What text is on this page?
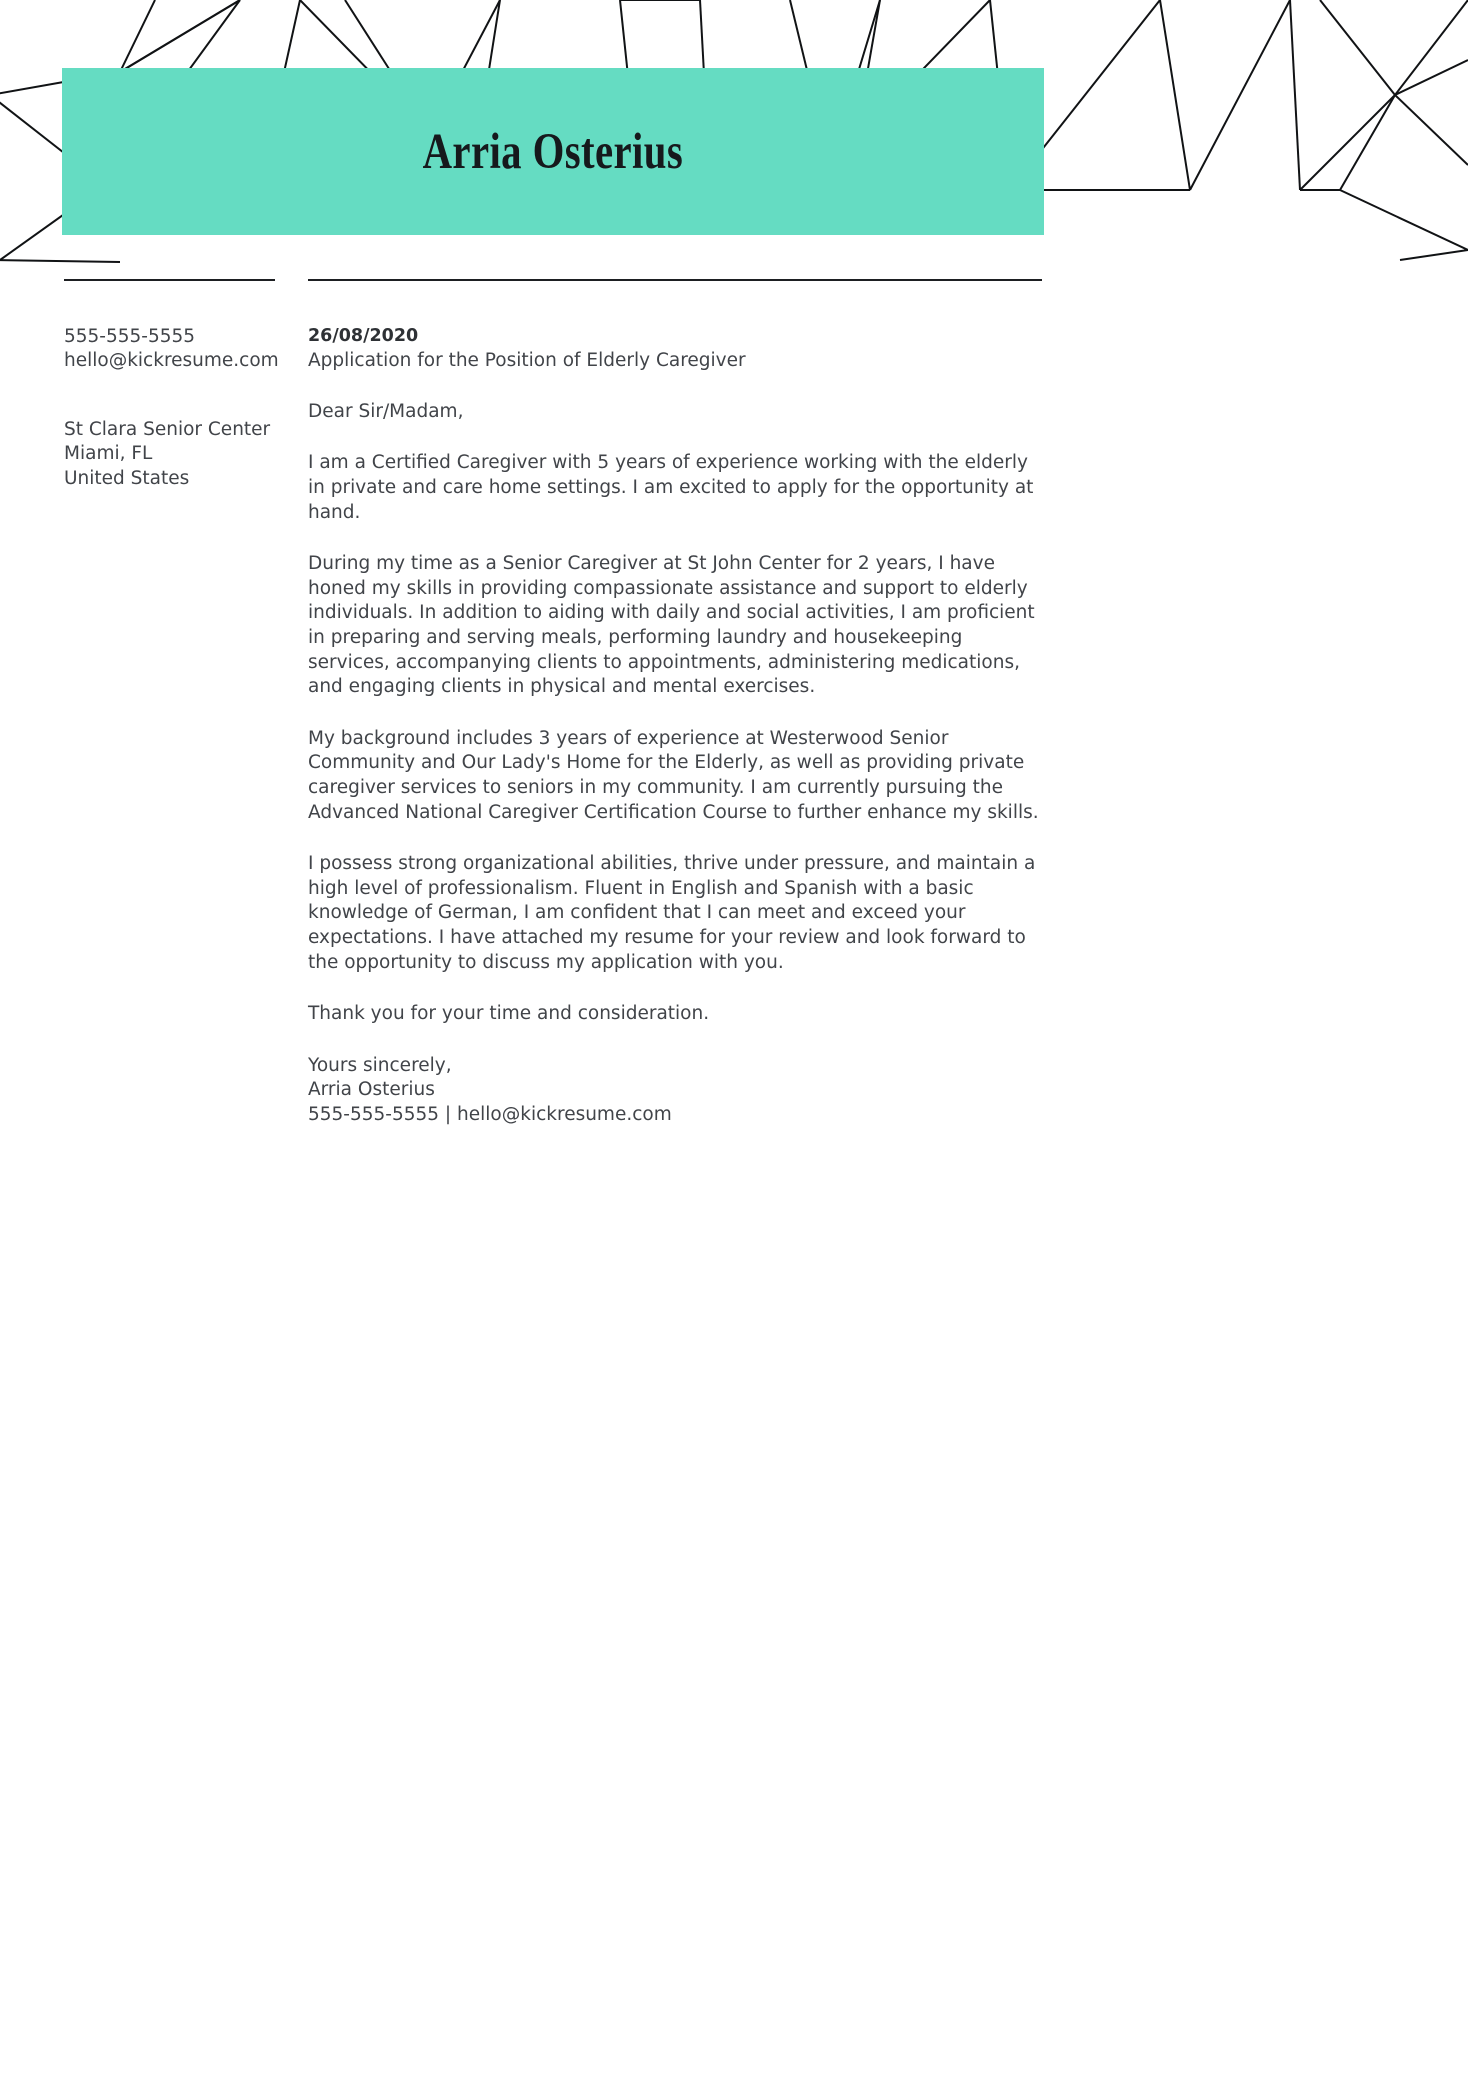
Arria Osterius
555-555-5555
hello@kickresume.com
St Clara Senior Center
Miami, FL
United States
26/08/2020
Application for the Position of Elderly Caregiver

Dear Sir/Madam,

I am a Certified Caregiver with 5 years of experience working with the elderly in private and care home settings. I am excited to apply for the opportunity at hand.

During my time as a Senior Caregiver at St John Center for 2 years, I have honed my skills in providing compassionate assistance and support to elderly individuals. In addition to aiding with daily and social activities, I am proficient in preparing and serving meals, performing laundry and housekeeping services, accompanying clients to appointments, administering medications, and engaging clients in physical and mental exercises.

My background includes 3 years of experience at Westerwood Senior Community and Our Lady's Home for the Elderly, as well as providing private caregiver services to seniors in my community. I am currently pursuing the Advanced National Caregiver Certification Course to further enhance my skills.

I possess strong organizational abilities, thrive under pressure, and maintain a high level of professionalism. Fluent in English and Spanish with a basic knowledge of German, I am confident that I can meet and exceed your expectations. I have attached my resume for your review and look forward to the opportunity to discuss my application with you.

Thank you for your time and consideration.

Yours sincerely,
Arria Osterius
555-555-5555 | hello@kickresume.com
